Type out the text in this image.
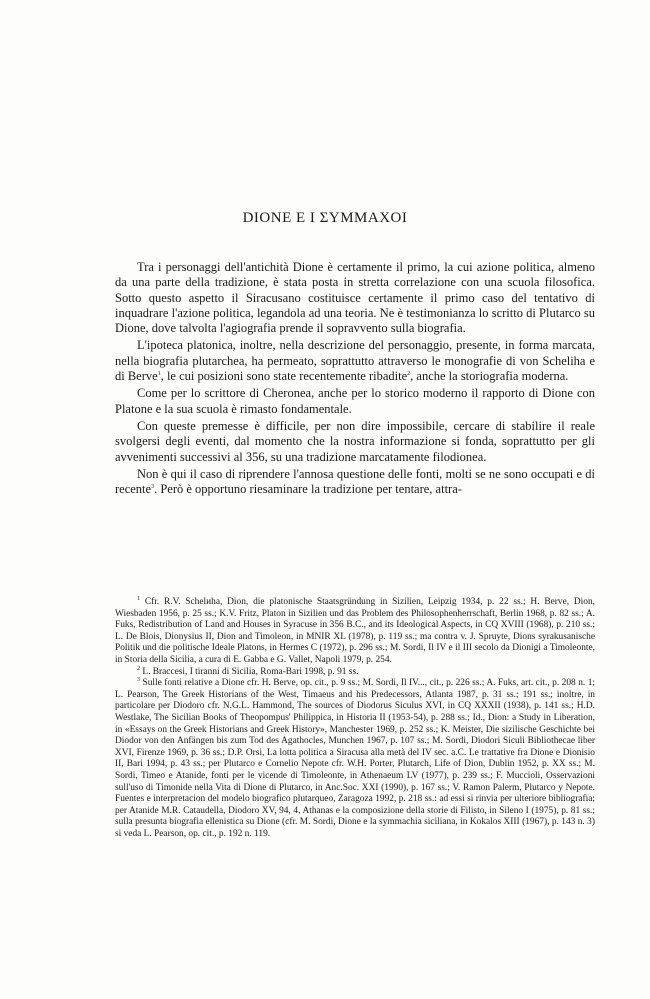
DIONE E I ΣΥΜΜΑΧΟΙ

Tra i personaggi dell'antichità Dione è certamente il primo, la cui azione politica, almeno da una parte della tradizione, è stata posta in stretta correlazione con una scuola filosofica. Sotto questo aspetto il Siracusano costituisce certamente il primo caso del tentativo di inquadrare l'azione politica, legandola ad una teoria. Ne è testimonianza lo scritto di Plutarco su Dione, dove talvolta l'agiografia prende il sopravvento sulla biografia.

L'ipoteca platonica, inoltre, nella descrizione del personaggio, presente, in forma marcata, nella biografia plutarchea, ha permeato, soprattutto attraverso le monografie di von Scheliha e di Berve$^1$, le cui posizioni sono state recentemente ribadite$^2$, anche la storiografia moderna.

Come per lo scrittore di Cheronea, anche per lo storico moderno il rapporto di Dione con Platone e la sua scuola è rimasto fondamentale.

Con queste premesse è difficile, per non dire impossibile, cercare di stabilire il reale svolgersi degli eventi, dal momento che la nostra informazione si fonda, soprattutto per gli avvenimenti successivi al 356, su una tradizione marcatamente filodionea.

Non è qui il caso di riprendere l'annosa questione delle fonti, molti se ne sono occupati e di recente$^3$. Però è opportuno riesaminare la tradizione per tentare, attra-

$^1$ Cfr. R.V. Schelиha, Dion, die platonische Staatsgründung in Sizilien, Leipzig 1934, p. 22 ss.; H. Berve, Dion, Wiesbaden 1956, p. 25 ss.; K.V. Fritz, Platon in Sizilien und das Problem des Philosophenherrschaft, Berlin 1968, p. 82 ss.; A. Fuks, Redistribution of Land and Houses in Syracuse in 356 B.C., and its Ideological Aspects, in CQ XVIII (1968), p. 210 ss.; L. De Blois, Dionysius II, Dion and Timoleon, in MNIR XL (1978), p. 119 ss.; ma contra v. J. Spruyte, Dions syrakusanische Politik und die politische Ideale Platons, in Hermes C (1972), p. 296 ss.; M. Sordi, Il IV e il III secolo da Dionigi a Timoleonte, in Storia della Sicilia, a cura di E. Gabba e G. Vallet, Napoli 1979, p. 254.

$^2$ L. Braccesi, I tiranni di Sicilia, Roma-Bari 1998, p. 91 ss.

$^3$ Sulle fonti relative a Dione cfr. H. Berve, op. cit., p. 9 ss.; M. Sordi, Il IV..., cit., p. 226 ss.; A. Fuks, art. cit., p. 208 n. 1; L. Pearson, The Greek Historians of the West, Timaeus and his Predecessors, Atlanta 1987, p. 31 ss.; 191 ss.; inoltre, in particolare per Diodoro cfr. N.G.L. Hammond, The sources of Diodorus Siculus XVI, in CQ XXXII (1938), p. 141 ss.; H.D. Westlake, The Sicilian Books of Theopompus' Philippica, in Historia II (1953-54), p. 288 ss.; Id., Dion: a Study in Liberation, in «Essays on the Greek Historians and Greek History», Manchester 1969, p. 252 ss.; K. Meister, Die sizilische Geschichte bei Diodor von den Anfängen bis zum Tod des Agathocles, Munchen 1967, p. 107 ss.; M. Sordi, Diodori Siculi Bibliothecae liber XVI, Firenze 1969, p. 36 ss.; D.P. Orsi, La lotta politica a Siracusa alla metà del IV sec. a.C. Le trattative fra Dione e Dionisio II, Bari 1994, p. 43 ss.; per Plutarco e Cornelio Nepote cfr. W.H. Porter, Plutarch, Life of Dion, Dublin 1952, p. XX ss.; M. Sordi, Timeo e Atanide, fonti per le vicende di Timoleonte, in Athenaeum LV (1977), p. 239 ss.; F. Muccioli, Osservazioni sull'uso di Timonide nella Vita di Dione di Plutarco, in Anc.Soc. XXI (1990), p. 167 ss.; V. Ramon Palerm, Plutarco y Nepote. Fuentes e interpretacion del modelo biografico plutarqueo, Zaragoza 1992, p. 218 ss.: ad essi si rinvia per ulteriore bibliografia; per Atanide M.R. Cataudella, Diodoro XV, 94, 4, Athanas e la composizione della storie di Filisto, in Sileno I (1975), p. 81 ss.; sulla presunta biografia ellenistica su Dione (cfr. M. Sordi, Dione e la symmachia siciliana, in Kokalos XIII (1967), p. 143 n. 3) si veda L. Pearson, op. cit., p. 192 n. 119.
